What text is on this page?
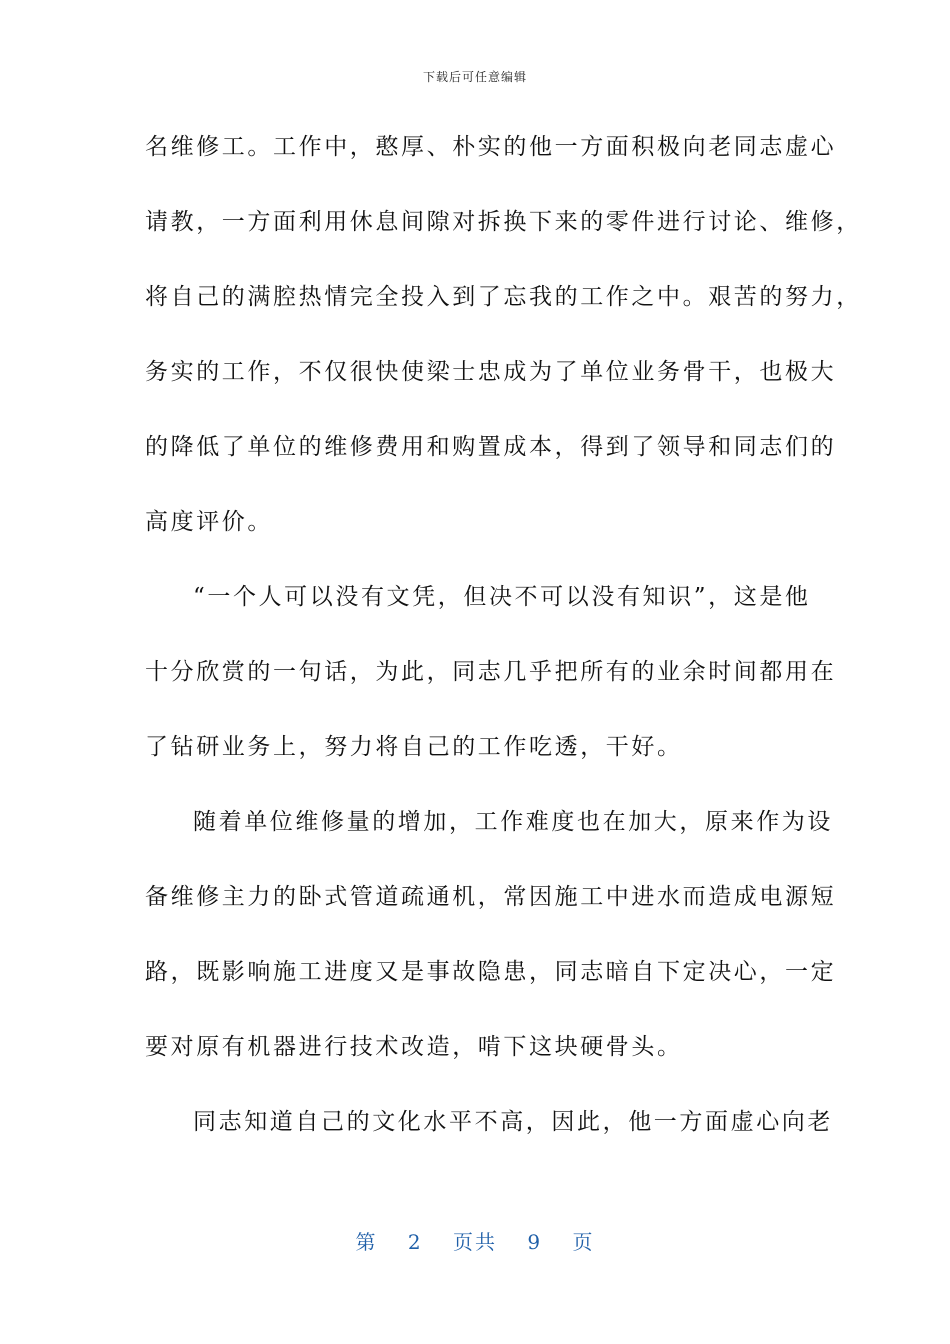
下载后可任意编辑
名维修工。工作中，憨厚、朴实的他一方面积极向老同志虚心
请教，一方面利用休息间隙对拆换下来的零件进行讨论、维修，
将自己的满腔热情完全投入到了忘我的工作之中。艰苦的努力，
务实的工作，不仅很快使梁士忠成为了单位业务骨干，也极大
的降低了单位的维修费用和购置成本，得到了领导和同志们的
高度评价。
“一个人可以没有文凭，但决不可以没有知识”，这是他
十分欣赏的一句话，为此，同志几乎把所有的业余时间都用在
了钻研业务上，努力将自己的工作吃透，干好。
随着单位维修量的增加，工作难度也在加大，原来作为设
备维修主力的卧式管道疏通机，常因施工中进水而造成电源短
路，既影响施工进度又是事故隐患，同志暗自下定决心，一定
要对原有机器进行技术改造，啃下这块硬骨头。
同志知道自己的文化水平不高，因此，他一方面虚心向老
第 2 页共 9 页
